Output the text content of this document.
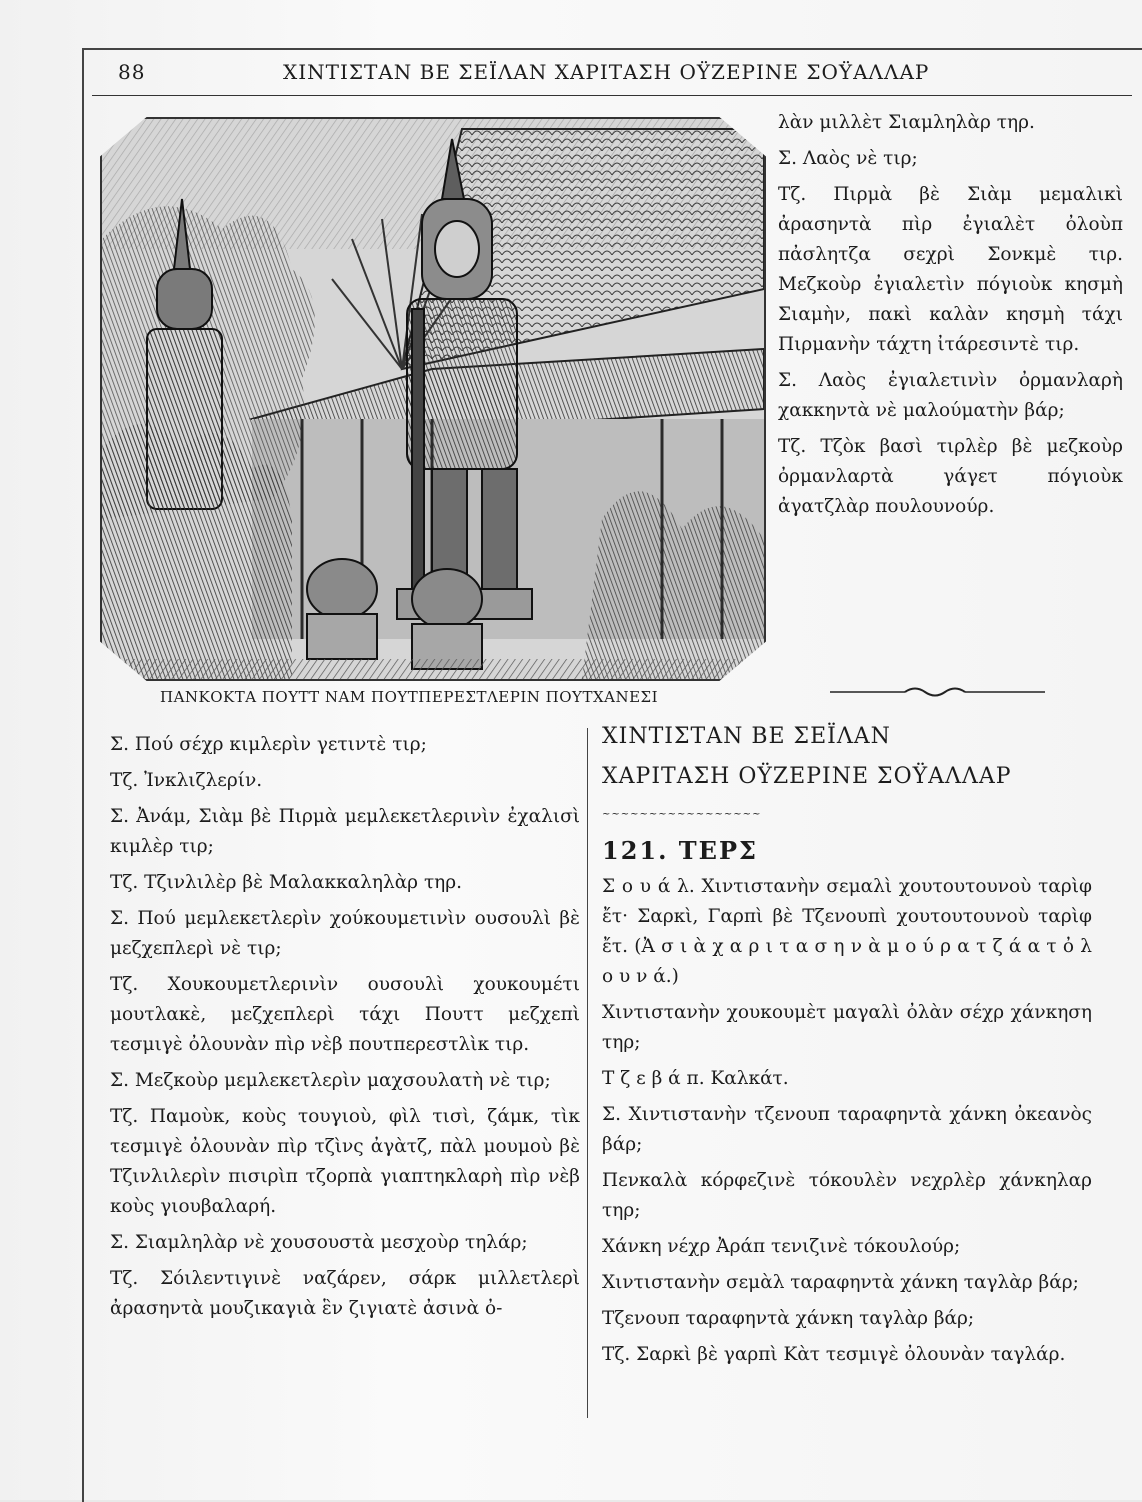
88	ΧΙΝΤΙΣΤΑΝ ΒΕ ΣΕΪΛΑΝ ΧΑΡΙΤΑΣΗ ΟΫΖΕΡΙΝΕ ΣΟΫΑΛΛΑΡ
ΠΑΝΚΟΚΤΑ ΠΟΥΤΤ ΝΑΜ ΠΟΥΤΠΕΡΕΣΤΛΕΡΙΝ ΠΟΥΤΧΑΝΕΣΙ

λὰν μιλλὲτ Σιαμληλὰρ τηρ.

Σ. Λαὸς νὲ τιρ;

Τζ. Πιρμὰ βὲ Σιὰμ μεμαλικὶ ἀρασηντὰ πὶρ ἐγιαλὲτ ὀλοὺπ πἀσλητζα σεχρὶ Σονκμὲ τιρ. Μεζκοὺρ ἐγιαλετὶν πόγιοὺκ κησμὴ Σιαμὴν, πακὶ καλὰν κησμὴ τάχι Πιρμανὴν τάχτη ἰτάρεσιντὲ τιρ.

Σ. Λαὸς ἐγιαλετινὶν ὀρμανλαρὴ χακκηντὰ νὲ μαλούματὴν βάρ;

Τζ. Τζὸκ βασὶ τιρλὲρ βὲ μεζκοὺρ ὀρμανλαρτὰ γάγετ πόγιοὺκ ἀγατζλὰρ πουλουνούρ.

Σ. Πού σέχρ κιμλερὶν γετιντὲ τιρ;

Τζ. Ἰνκλιζλερίν.

Σ. Ἀνάμ, Σιὰμ βὲ Πιρμὰ μεμλεκετλερινὶν ἐχαλισὶ κιμλὲρ τιρ;

Τζ. Τζινλιλὲρ βὲ Μαλακκαληλὰρ τηρ.

Σ. Πού μεμλεκετλερὶν χούκουμετινὶν ουσουλὶ βὲ μεζχεπλερὶ νὲ τιρ;

Τζ. Χουκουμετλερινὶν ουσουλὶ χουκουμέτι μουτλακὲ, μεζχεπλερὶ τάχι Πουττ μεζχεπὶ τεσμιγὲ ὀλουνὰν πὶρ νὲβ πουτπερεστλὶκ τιρ.

Σ. Μεζκοὺρ μεμλεκετλερὶν μαχσουλατὴ νὲ τιρ;

Τζ. Παμοὺκ, κοὺς τουγιοὺ, φὶλ τισὶ, ζάμκ, τὶκ τεσμιγὲ ὀλουνὰν πὶρ τζὶνς ἀγὰτζ, πὰλ μουμοὺ βὲ Τζινλιλερὶν πισιρὶπ τζορπὰ γιαπτηκλαρὴ πὶρ νὲβ κοὺς γιουβαλαρή.

Σ. Σιαμληλὰρ νὲ χουσουστὰ μεσχοὺρ τηλάρ;

Τζ. Σόιλεντιγινὲ ναζάρεν, σάρκ μιλλετλερὶ ἀρασηντὰ μουζικαγιὰ ἓν ζιγιατὲ ἀσινὰ ὀ-

ΧΙΝΤΙΣΤΑΝ ΒΕ ΣΕΪΛΑΝ

ΧΑΡΙΤΑΣΗ ΟΫΖΕΡΙΝΕ ΣΟΫΑΛΛΑΡ

~~~~~~~~~~~~~~~~~

121. ΤΕΡΣ

Σ ο υ ά λ. Χιντιστανὴν σεμαλὶ χουτουτουνοὺ ταρὶφ ἔτ· Σαρκὶ, Γαρπὶ βὲ Τζενουπὶ χουτουτουνοὺ ταρὶφ ἔτ. (Ἀ σ ι ὰ χ α ρ ι τ α σ η ν ὰ μ ο ύ ρ α τ ζ ά α τ ὀ λ ο υ ν ά.)

Χιντιστανὴν χουκουμὲτ μαγαλὶ ὀλὰν σέχρ χάνκηση τηρ;

Τ ζ ε β ά π. Καλκάτ.

Σ. Χιντιστανὴν τζενουπ ταραφηντὰ χάνκη ὀκεανὸς βάρ;

Πενκαλὰ κόρφεζινὲ τόκουλὲν νεχρλὲρ χάνκηλαρ τηρ;

Χάνκη νέχρ Ἀράπ τενιζινὲ τόκουλούρ;

Χιντιστανὴν σεμὰλ ταραφηντὰ χάνκη ταγλὰρ βάρ;

Τζενουπ ταραφηντὰ χάνκη ταγλὰρ βάρ;

Τζ. Σαρκὶ βὲ γαρπὶ Κὰτ τεσμιγὲ ὀλουνὰν ταγλάρ.
